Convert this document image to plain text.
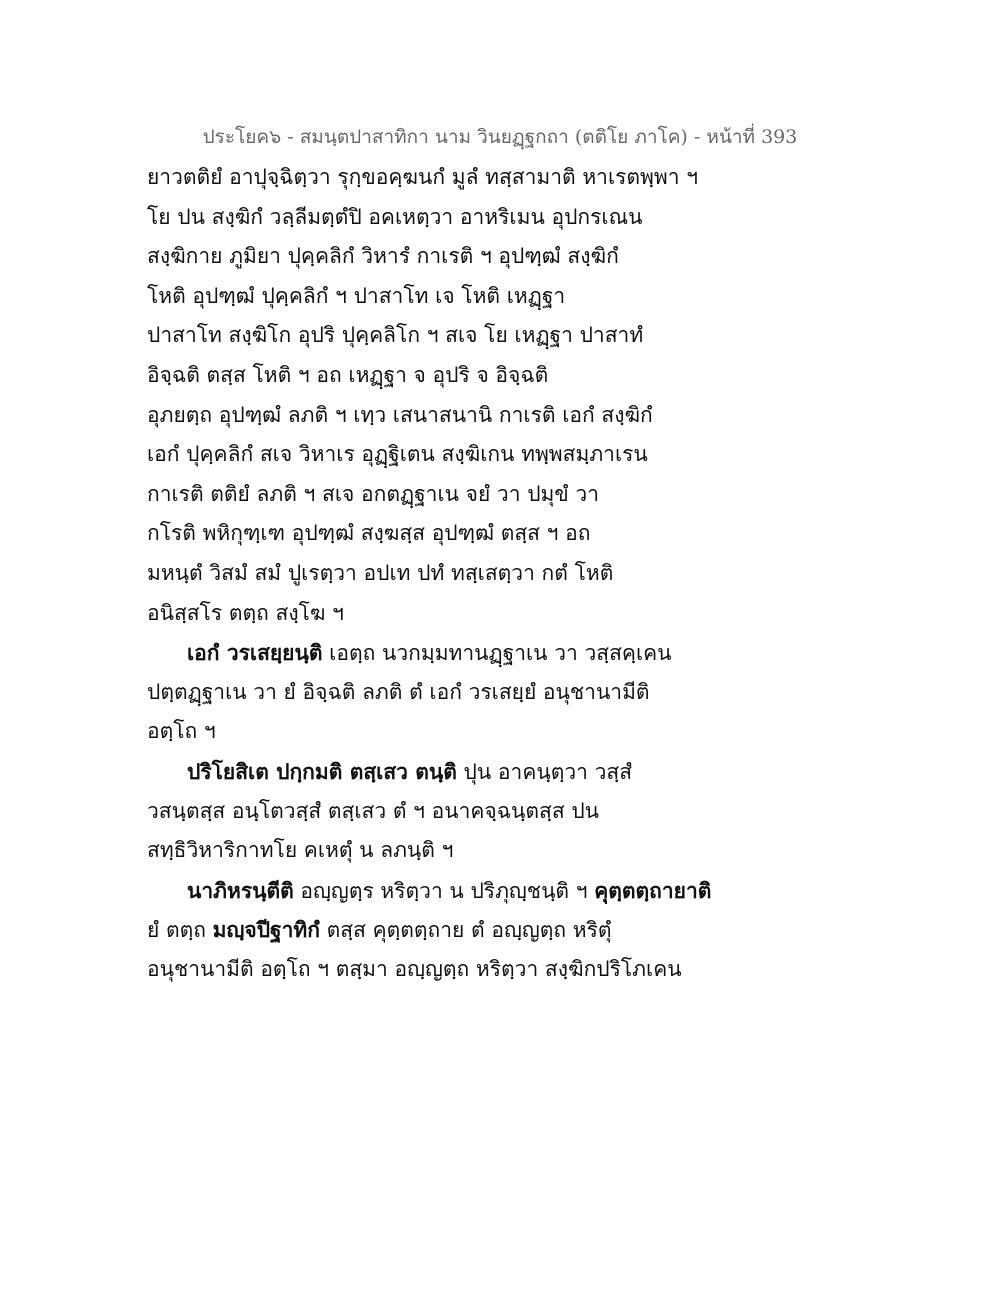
ประโยค๖ - สมนฺตปาสาทิกา นาม วินยฏฺฐกถา (ตติโย ภาโค) - หน้าที่ 393
ยาวตติยํ อาปุจฺฉิตฺวา รุกฺขอคฺฆนกํ มูลํ ทสฺสามาติ หาเรตพฺพา ฯ
โย ปน สงฺฆิกํ วลฺลีมตฺตํปิ อคเหตฺวา อาหริเมน อุปกรเณน
สงฺฆิกาย ภูมิยา ปุคฺคลิกํ วิหารํ กาเรติ ฯ อุปฑฺฒํ สงฺฆิกํ
โหติ อุปฑฺฒํ ปุคฺคลิกํ ฯ ปาสาโท เจ โหติ เหฏฺฐา
ปาสาโท สงฺฆิโก อุปริ ปุคฺคลิโก ฯ สเจ โย เหฏฺฐา ปาสาทํ
อิจฺฉติ ตสฺส โหติ ฯ อถ เหฏฺฐา จ อุปริ จ อิจฺฉติ
อุภยตฺถ อุปฑฺฒํ ลภติ ฯ เทฺว เสนาสนานิ กาเรติ เอกํ สงฺฆิกํ
เอกํ ปุคฺคลิกํ สเจ วิหาเร อุฏฺฐิเตน สงฺฆิเกน ทพฺพสมฺภาเรน
กาเรติ ตติยํ ลภติ ฯ สเจ อกตฏฺฐาเน จยํ วา ปมุขํ วา
กโรติ พหิกุฑฺเฑ อุปฑฺฒํ สงฺฆสฺส อุปฑฺฒํ ตสฺส ฯ อถ
มหนฺตํ วิสมํ สมํ ปูเรตฺวา อปเท ปทํ ทสฺเสตฺวา กตํ โหติ
อนิสฺสโร ตตฺถ สงฺโฆ ฯ
เอกํ วรเสยฺยนฺติ เอตฺถ นวกมฺมทานฏฺฐาเน วา วสฺสคฺเคน
ปตฺตฏฺฐาเน วา ยํ อิจฺฉติ ลภติ ตํ เอกํ วรเสยฺยํ อนุชานามีติ
อตฺโถ ฯ
ปริโยสิเต ปกฺกมติ ตสฺเสว ตนฺติ ปุน อาคนฺตฺวา วสฺสํ
วสนฺตสฺส อนฺโตวสฺสํ ตสฺเสว ตํ ฯ อนาคจฺฉนฺตสฺส ปน
สทฺธิวิหาริกาทโย คเหตุํ น ลภนฺติ ฯ
นาภิหรนฺตีติ อญฺญตฺร หริตฺวา น ปริภุญฺชนฺติ ฯ คุตฺตตฺถายาติ
ยํ ตตฺถ มญฺจปีฐาทิกํ ตสฺส คุตฺตตฺถาย ตํ อญฺญตฺถ หริตุํ
อนุชานามีติ อตฺโถ ฯ ตสฺมา อญฺญตฺถ หริตฺวา สงฺฆิกปริโภเคน
